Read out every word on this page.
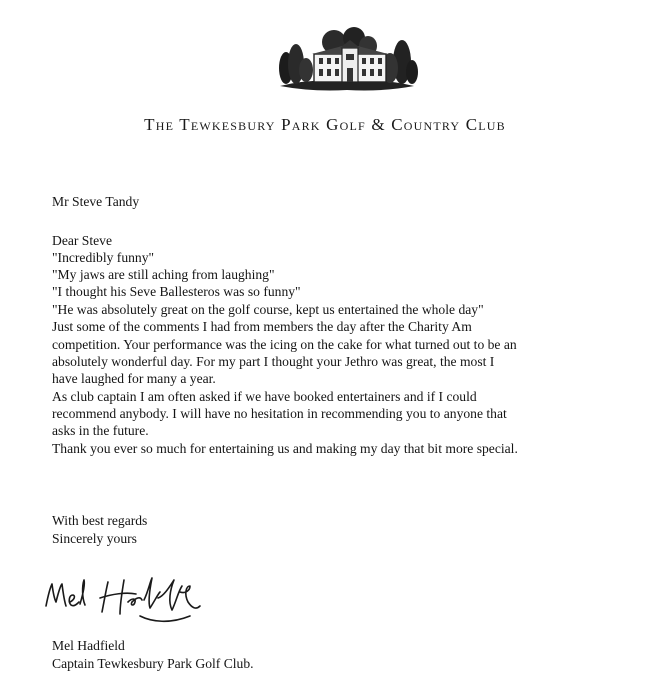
The Tewkesbury Park Golf & Country Club
Mr Steve Tandy
Dear Steve
"Incredibly funny"
"My jaws are still aching from laughing"
"I thought his Seve Ballesteros was so funny"
"He was absolutely great on the golf course, kept us entertained the whole day"
Just some of the comments I had from members the day after the Charity Am
competition. Your performance was the icing on the cake for what turned out to be an
absolutely wonderful day. For my part I thought your Jethro was great, the most I
have laughed for many a year.
As club captain I am often asked if we have booked entertainers and if I could
recommend anybody. I will have no hesitation in recommending you to anyone that
asks in the future.
Thank you ever so much for entertaining us and making my day that bit more special.
With best regards
Sincerely yours
Mel Hadfield
Captain Tewkesbury Park Golf Club.
